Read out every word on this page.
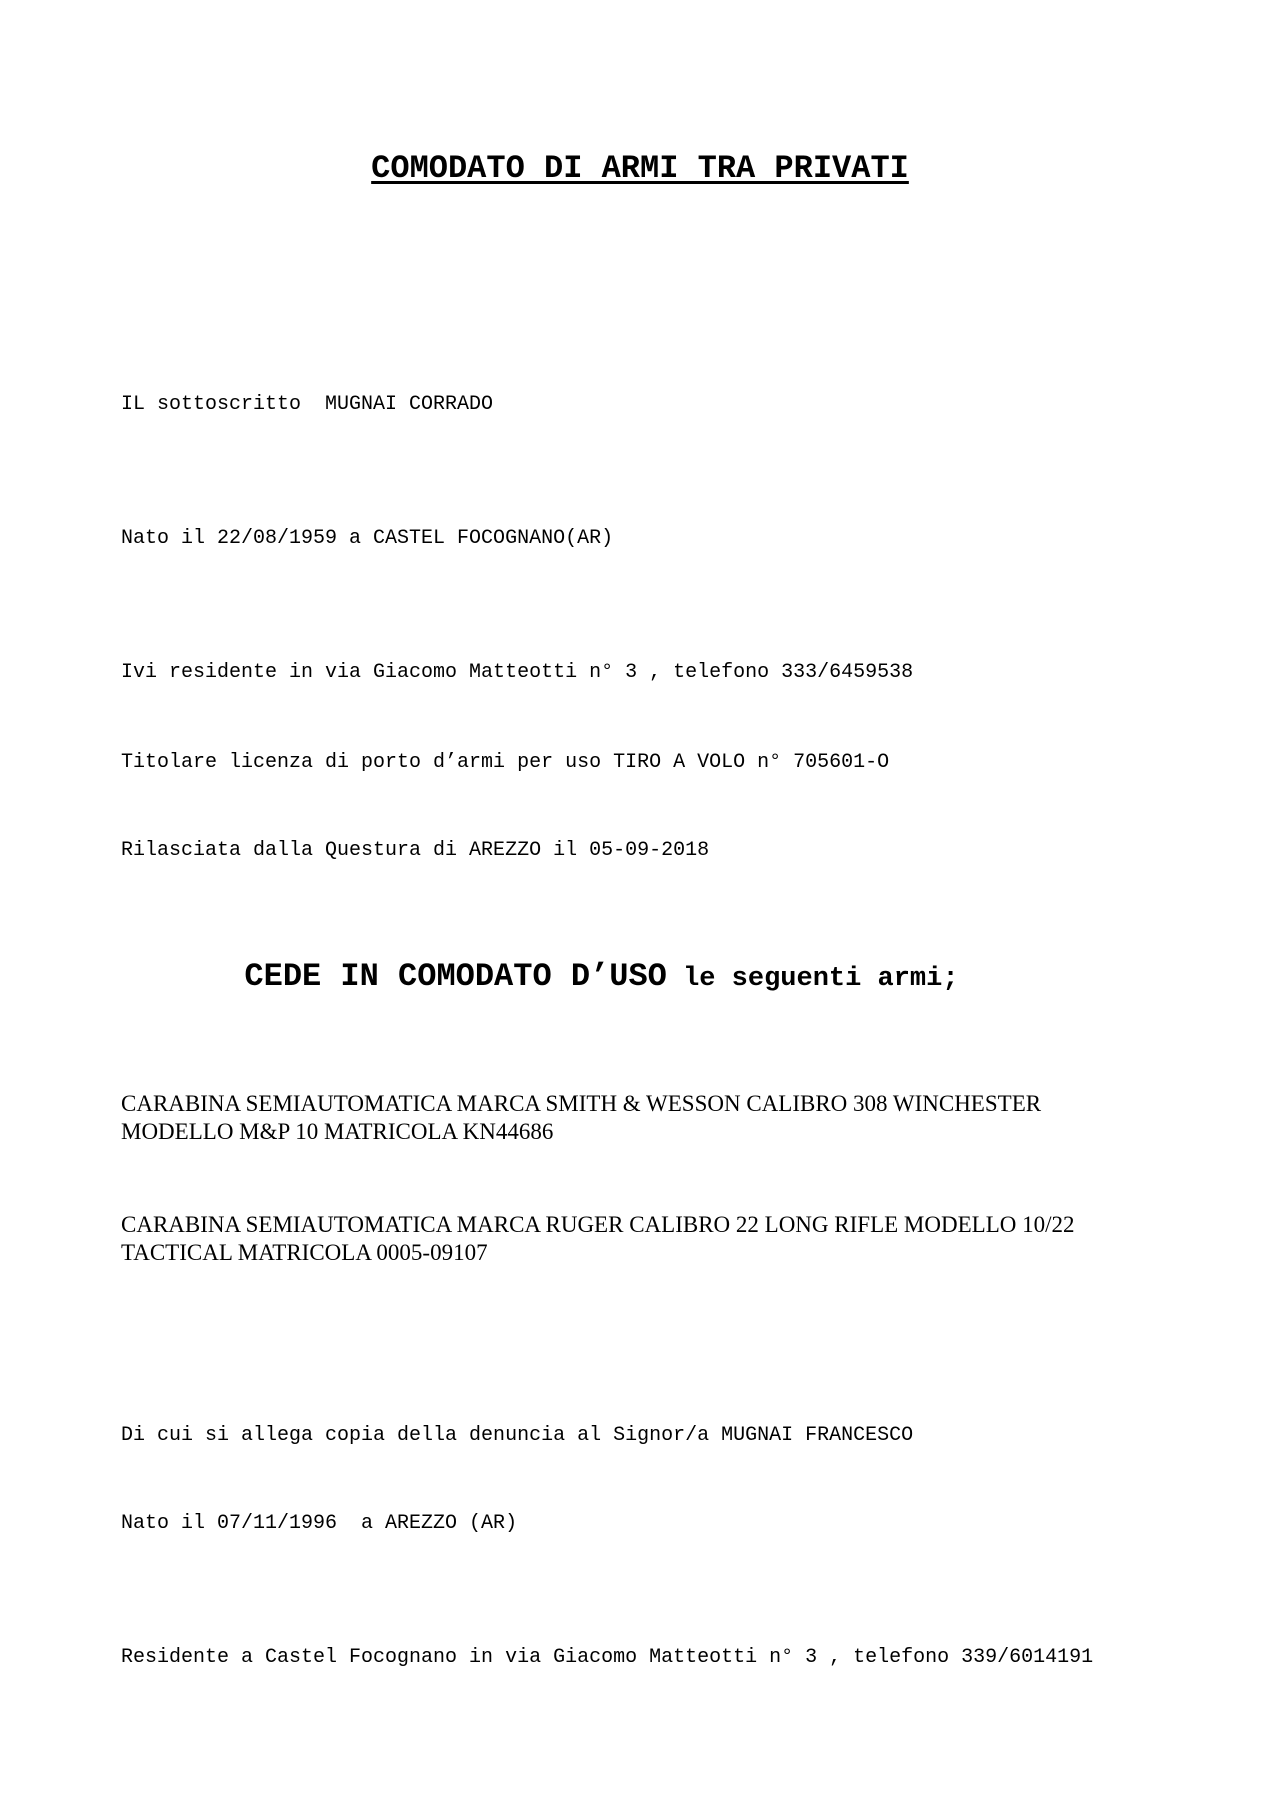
COMODATO DI ARMI TRA PRIVATI
IL sottoscritto  MUGNAI CORRADO
Nato il 22/08/1959 a CASTEL FOCOGNANO(AR)
Ivi residente in via Giacomo Matteotti n° 3 , telefono 333/6459538
Titolare licenza di porto d’armi per uso TIRO A VOLO n° 705601-O
Rilasciata dalla Questura di AREZZO il 05-09-2018

CEDE IN COMODATO D’USO le seguenti armi;

CARABINA SEMIAUTOMATICA MARCA SMITH & WESSON CALIBRO 308 WINCHESTER MODELLO M&P 10 MATRICOLA KN44686
CARABINA SEMIAUTOMATICA MARCA RUGER CALIBRO 22 LONG RIFLE MODELLO 10/22 TACTICAL MATRICOLA 0005-09107
Di cui si allega copia della denuncia al Signor/a MUGNAI FRANCESCO
Nato il 07/11/1996  a AREZZO (AR)
Residente a Castel Focognano in via Giacomo Matteotti n° 3 , telefono 339/6014191
